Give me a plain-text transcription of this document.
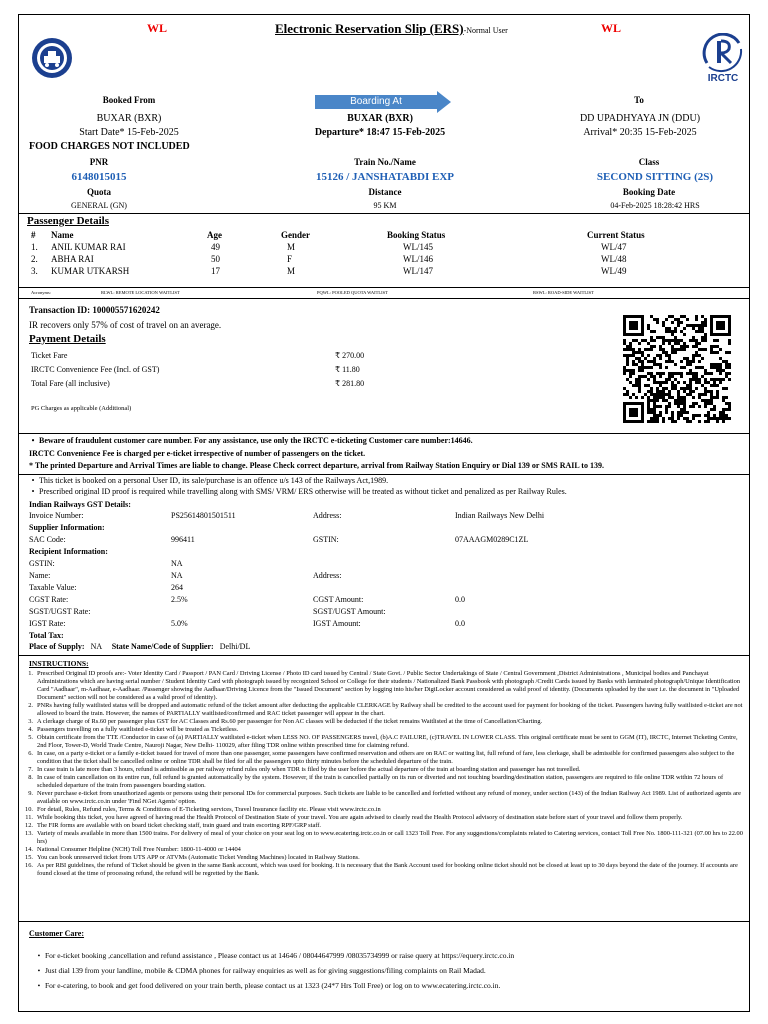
WL	WL
Electronic Reservation Slip (ERS)-Normal User
IRCTC
Booked From
BUXAR (BXR)
Start Date* 15-Feb-2025
Boarding At
BUXAR (BXR)
Departure* 18:47 15-Feb-2025
To
DD UPADHYAYA JN (DDU)
Arrival* 20:35 15-Feb-2025
FOOD CHARGES NOT INCLUDED
PNR
6148015015
Train No./Name
15126 / JANSHATABDI EXP
Class
SECOND SITTING (2S)
Quota
GENERAL (GN)
Distance
95 KM
Booking Date
04-Feb-2025 18:28:42 HRS
Passenger Details
#	Name	Age	Gender	Booking Status	Current Status
1.	ANIL KUMAR RAI	49	M	WL/145	WL/47
2.	ABHA RAI	50	F	WL/146	WL/48
3.	KUMAR UTKARSH	17	M	WL/147	WL/49
Acronyms:	RLWL: REMOTE LOCATION WAITLIST	PQWL: POOLED QUOTA WAITLIST	RSWL: ROAD-SIDE WAITLIST
Transaction ID: 100005571620242
IR recovers only 57% of cost of travel on an average.
Payment Details
Ticket Fare	₹ 270.00
IRCTC Convenience Fee (Incl. of GST)	₹ 11.80
Total Fare (all inclusive)	₹ 281.80
PG Charges as applicable (Additional)
• Beware of fraudulent customer care number. For any assistance, use only the IRCTC e-ticketing Customer care number:14646.
IRCTC Convenience Fee is charged per e-ticket irrespective of number of passengers on the ticket.
* The printed Departure and Arrival Times are liable to change. Please Check correct departure, arrival from Railway Station Enquiry or Dial 139 or SMS RAIL to 139.
• This ticket is booked on a personal User ID, its sale/purchase is an offence u/s 143 of the Railways Act,1989.
• Prescribed original ID proof is required while travelling along with SMS/ VRM/ ERS otherwise will be treated as without ticket and penalized as per Railway Rules.
Indian Railways GST Details:
Invoice Number:	PS25614801501511	Address:	Indian Railways New Delhi
Supplier Information:
SAC Code:	996411	GSTIN:	07AAAGM0289C1ZL
Recipient Information:
GSTIN:	NA
Name:	NA	Address:
Taxable Value:	264
CGST Rate:	2.5%	CGST Amount:	0.0
SGST/UGST Rate:	SGST/UGST Amount:
IGST Rate:	5.0%	IGST Amount:	0.0
Total Tax:
Place of Supply: NA State Name/Code of Supplier: Delhi/DL
INSTRUCTIONS:
1. Prescribed Original ID proofs are:- Voter Identity Card / Passport / PAN Card / Driving License / Photo ID card issued by Central / State Govt. / Public Sector Undertakings of State / Central Government ,District Administrations , Municipal bodies and Panchayat Administrations which are having serial number / Student Identity Card with photograph issued by recognized School or College for their students / Nationalized Bank Passbook with photograph /Credit Cards issued by Banks with laminated photograph/Unique Identification Card "Aadhaar", m-Aadhaar, e-Aadhaar. /Passenger showing the Aadhaar/Driving Licence from the "Issued Document" section by logging into his/her DigiLocker account considered as valid proof of identity. (Documents uploaded by the user i.e. the document in "Uploaded Document" section will not be considered as a valid proof of identity).
2. PNRs having fully waitlisted status will be dropped and automatic refund of the ticket amount after deducting the applicable CLERKAGE by Railway shall be credited to the account used for payment for booking of the ticket. Passengers having fully waitlisted e-ticket are not allowed to board the train. However, the names of PARTIALLY waitlisted/confirmed and RAC ticket passenger will appear in the chart.
3. A clerkage charge of Rs.60 per passenger plus GST for AC Classes and Rs.60 per passenger for Non AC classes will be deducted if the ticket remains Waitlisted at the time of Cancellation/Charting.
4. Passengers travelling on a fully waitlisted e-ticket will be treated as Ticketless.
5. Obtain certificate from the TTE /Conductor in case of (a) PARTIALLY waitlisted e-ticket when LESS NO. OF PASSENGERS travel, (b)A.C FAILURE, (c)TRAVEL IN LOWER CLASS. This original certificate must be sent to GGM (IT), IRCTC, Internet Ticketing Centre, 2nd Floor, Tower-D, World Trade Centre, Nauroji Nagar, New Delhi- 110029, after filing TDR online within prescribed time for claiming refund.
6. In case, on a party e-ticket or a family e-ticket issued for travel of more than one passenger, some passengers have confirmed reservation and others are on RAC or waiting list, full refund of fare, less clerkage, shall be admissible for confirmed passengers also subject to the condition that the ticket shall be cancelled online or online TDR shall be filed for all the passengers upto thirty minutes before the scheduled departure of the train.
7. In case train is late more than 3 hours, refund is admissible as per railway refund rules only when TDR is filed by the user before the actual departure of the train at boarding station and passenger has not travelled.
8. In case of train cancellation on its entire run, full refund is granted automatically by the system. However, if the train is cancelled partially on its run or diverted and not touching boarding/destination station, passengers are required to file online TDR within 72 hours of scheduled departure of the train from passengers boarding station.
9. Never purchase e-ticket from unauthorized agents or persons using their personal IDs for commercial purposes. Such tickets are liable to be cancelled and forfeited without any refund of money, under section (143) of the Indian Railway Act 1989. List of authorized agents are available on www.irctc.co.in under 'Find NGet Agents' option.
10. For detail, Rules, Refund rules, Terms & Conditions of E-Ticketing services, Travel Insurance facility etc. Please visit www.irctc.co.in
11. While booking this ticket, you have agreed of having read the Health Protocol of Destination State of your travel. You are again advised to clearly read the Health Protocol advisory of destination state before start of your travel and follow them properly.
12. The FIR forms are available with on board ticket checking staff, train guard and train escorting RPF/GRP staff.
13. Variety of meals available in more than 1500 trains. For delivery of meal of your choice on your seat log on to www.ecatering.irctc.co.in or call 1323 Toll Free. For any suggestions/complaints related to Catering services, contact Toll Free No. 1800-111-321 (07.00 hrs to 22.00 hrs)
14. National Consumer Helpline (NCH) Toll Free Number: 1800-11-4000 or 14404
15. You can book unreserved ticket from UTS APP or ATVMs (Automatic Ticket Vending Machines) located in Railway Stations.
16. As per RBI guidelines, the refund of Ticket should be given in the same Bank account, which was used for booking. It is necessary that the Bank Account used for booking online ticket should not be closed at least up to 30 days beyond the date of the journey. If accounts are found closed at the time of processing refund, the refund will be regretted by the Bank.
Customer Care:
• For e-ticket booking ,cancellation and refund assistance , Please contact us at 14646 / 08044647999 /08035734999 or raise query at https://equery.irctc.co.in
• Just dial 139 from your landline, mobile & CDMA phones for railway enquiries as well as for giving suggestions/filing complaints on Rail Madad.
• For e-catering, to book and get food delivered on your train berth, please contact us at 1323 (24*7 Hrs Toll Free) or log on to www.ecatering.irctc.co.in.
